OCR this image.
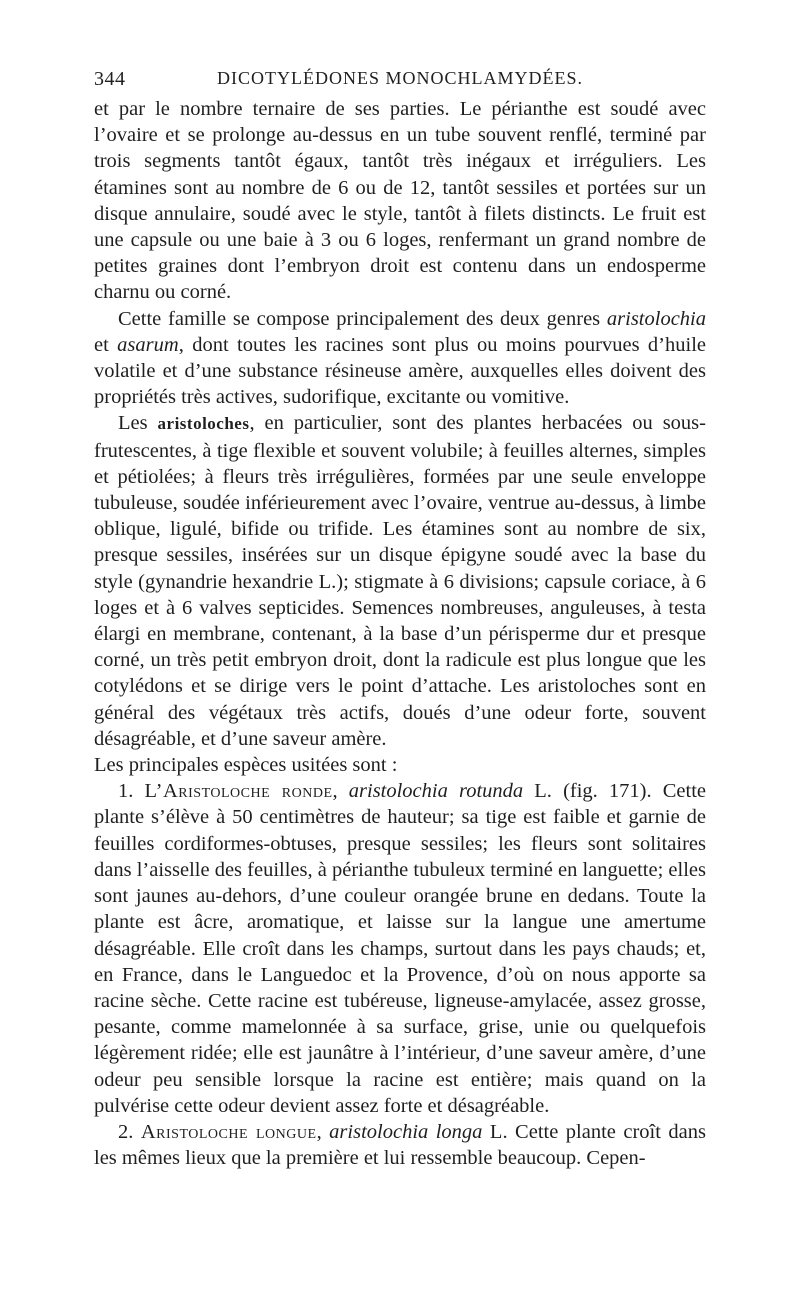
344	DICOTYLÉDONES MONOCHLAMYDÉES.

et par le nombre ternaire de ses parties. Le périanthe est soudé avec l’ovaire et se prolonge au-dessus en un tube souvent renflé, terminé par trois segments tantôt égaux, tantôt très inégaux et irréguliers. Les étamines sont au nombre de 6 ou de 12, tantôt sessiles et portées sur un disque annulaire, soudé avec le style, tantôt à filets distincts. Le fruit est une capsule ou une baie à 3 ou 6 loges, renfermant un grand nombre de petites graines dont l’embryon droit est contenu dans un endosperme charnu ou corné.

Cette famille se compose principalement des deux genres aristolochia et asarum, dont toutes les racines sont plus ou moins pourvues d’huile volatile et d’une substance résineuse amère, auxquelles elles doivent des propriétés très actives, sudorifique, excitante ou vomitive.

Les aristoloches, en particulier, sont des plantes herbacées ou sous-frutescentes, à tige flexible et souvent volubile; à feuilles alternes, simples et pétiolées; à fleurs très irrégulières, formées par une seule enveloppe tubuleuse, soudée inférieurement avec l’ovaire, ventrue au-dessus, à limbe oblique, ligulé, bifide ou trifide. Les étamines sont au nombre de six, presque sessiles, insérées sur un disque épigyne soudé avec la base du style (gynandrie hexandrie L.); stigmate à 6 divisions; capsule coriace, à 6 loges et à 6 valves septicides. Semences nombreuses, anguleuses, à testa élargi en membrane, contenant, à la base d’un périsperme dur et presque corné, un très petit embryon droit, dont la radicule est plus longue que les cotylédons et se dirige vers le point d’attache. Les aristoloches sont en général des végétaux très actifs, doués d’une odeur forte, souvent désagréable, et d’une saveur amère.

Les principales espèces usitées sont :

1. L’Aristoloche ronde, aristolochia rotunda L. (fig. 171). Cette plante s’élève à 50 centimètres de hauteur; sa tige est faible et garnie de feuilles cordiformes-obtuses, presque sessiles; les fleurs sont solitaires dans l’aisselle des feuilles, à périanthe tubuleux terminé en languette; elles sont jaunes au-dehors, d’une couleur orangée brune en dedans. Toute la plante est âcre, aromatique, et laisse sur la langue une amertume désagréable. Elle croît dans les champs, surtout dans les pays chauds; et, en France, dans le Languedoc et la Provence, d’où on nous apporte sa racine sèche. Cette racine est tubéreuse, ligneuse-amylacée, assez grosse, pesante, comme mamelonnée à sa surface, grise, unie ou quelquefois légèrement ridée; elle est jaunâtre à l’intérieur, d’une saveur amère, d’une odeur peu sensible lorsque la racine est entière; mais quand on la pulvérise cette odeur devient assez forte et désagréable.

2. Aristoloche longue, aristolochia longa L. Cette plante croît dans les mêmes lieux que la première et lui ressemble beaucoup. Cepen-
